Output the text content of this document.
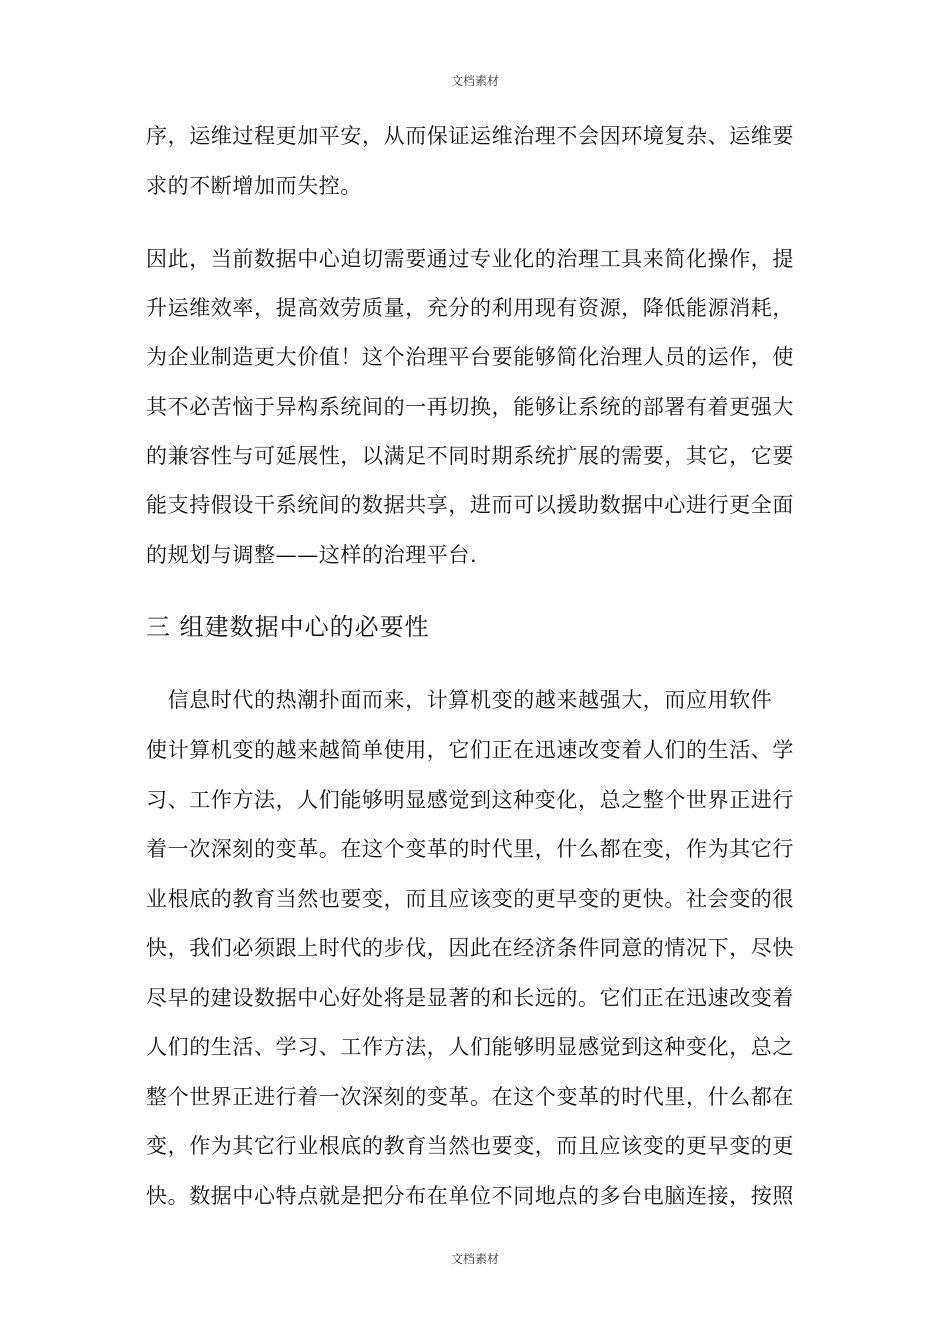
文档素材
序，运维过程更加平安，从而保证运维治理不会因环境复杂、运维要
求的不断增加而失控。
因此，当前数据中心迫切需要通过专业化的治理工具来简化操作，提
升运维效率，提高效劳质量，充分的利用现有资源，降低能源消耗，
为企业制造更大价值！这个治理平台要能够简化治理人员的运作，使
其不必苦恼于异构系统间的一再切换，能够让系统的部署有着更强大
的兼容性与可延展性，以满足不同时期系统扩展的需要，其它，它要
能支持假设干系统间的数据共享，进而可以援助数据中心进行更全面
的规划与调整——这样的治理平台.
三 组建数据中心的必要性
　信息时代的热潮扑面而来，计算机变的越来越强大，而应用软件
使计算机变的越来越简单使用，它们正在迅速改变着人们的生活、学
习、工作方法，人们能够明显感觉到这种变化，总之整个世界正进行
着一次深刻的变革。在这个变革的时代里，什么都在变，作为其它行
业根底的教育当然也要变，而且应该变的更早变的更快。社会变的很
快，我们必须跟上时代的步伐，因此在经济条件同意的情况下，尽快
尽早的建设数据中心好处将是显著的和长远的。它们正在迅速改变着
人们的生活、学习、工作方法，人们能够明显感觉到这种变化，总之
整个世界正进行着一次深刻的变革。在这个变革的时代里，什么都在
变，作为其它行业根底的教育当然也要变，而且应该变的更早变的更
快。数据中心特点就是把分布在单位不同地点的多台电脑连接，按照
文档素材
